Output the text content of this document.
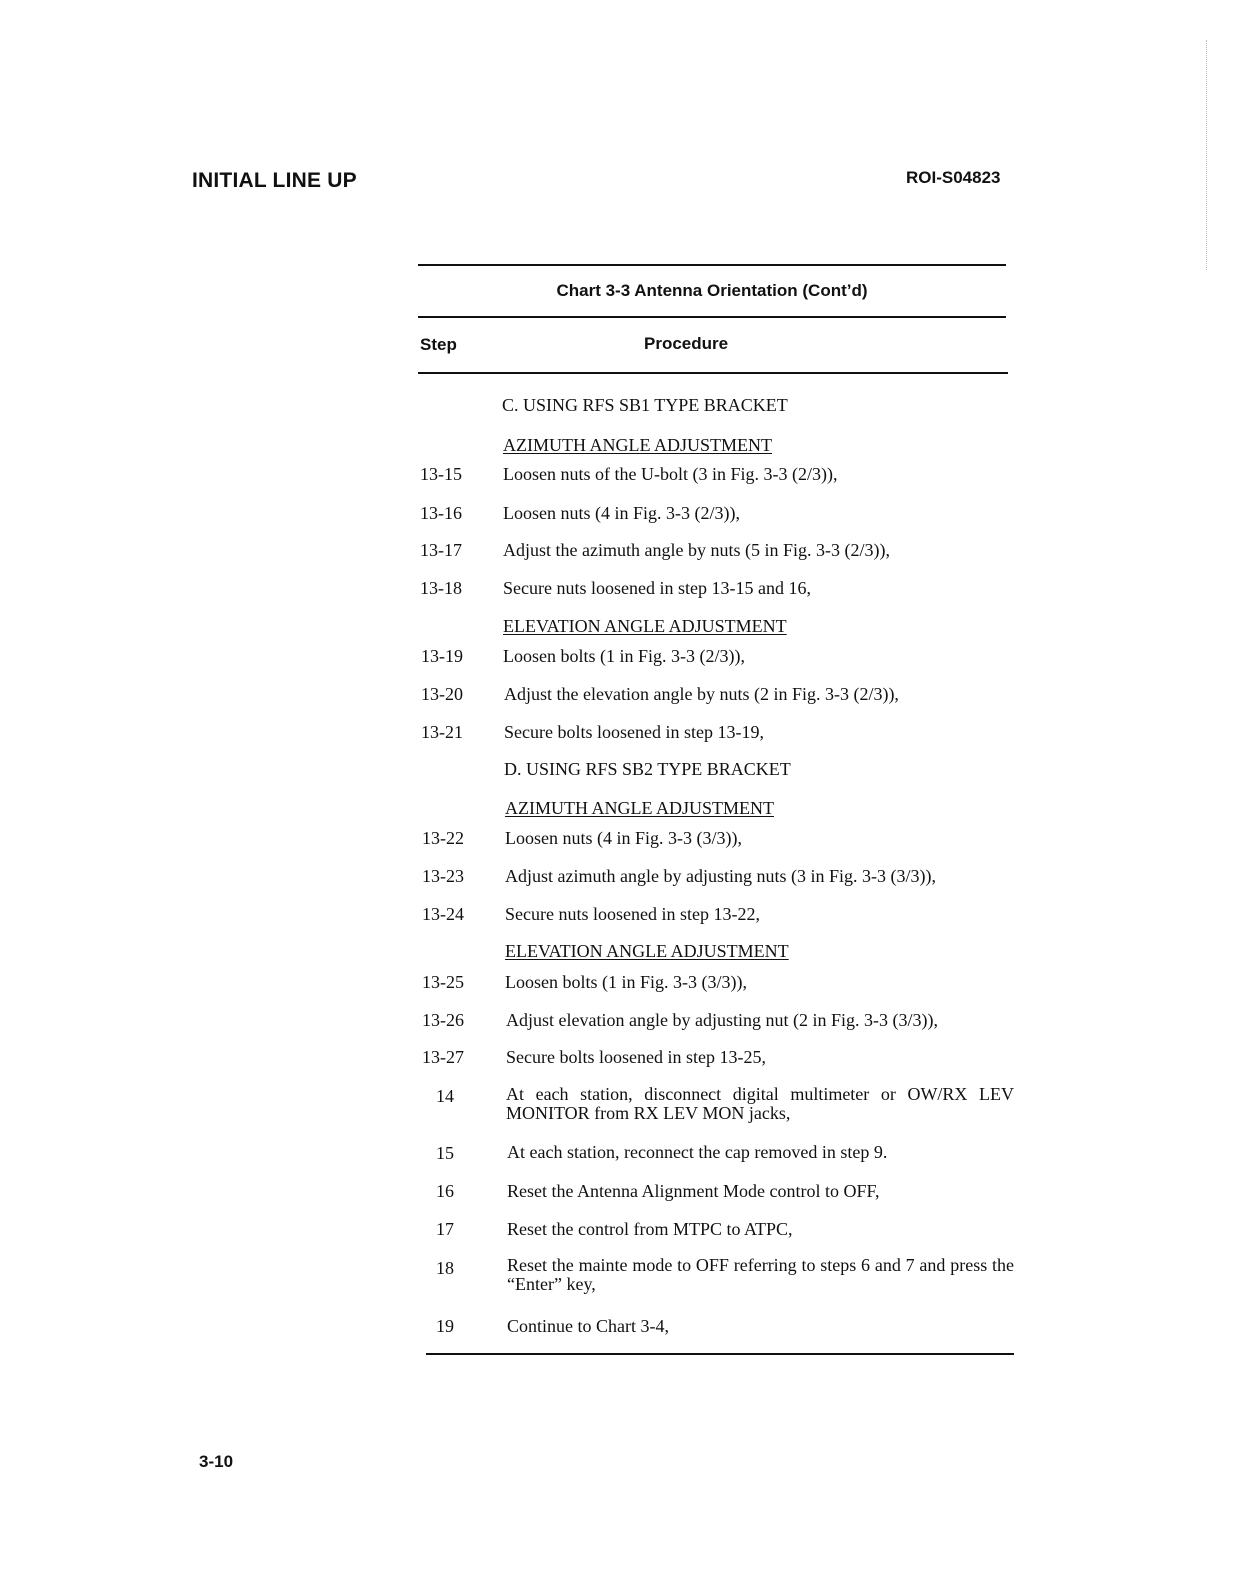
INITIAL LINE UP	ROI-S04823
Chart 3-3 Antenna Orientation (Cont’d)
Step	Procedure
C. USING RFS SB1 TYPE BRACKET
AZIMUTH ANGLE ADJUSTMENT
13-15 Loosen nuts of the U-bolt (3 in Fig. 3-3 (2/3)),
13-16 Loosen nuts (4 in Fig. 3-3 (2/3)),
13-17 Adjust the azimuth angle by nuts (5 in Fig. 3-3 (2/3)),
13-18 Secure nuts loosened in step 13-15 and 16,
ELEVATION ANGLE ADJUSTMENT
13-19 Loosen bolts (1 in Fig. 3-3 (2/3)),
13-20 Adjust the elevation angle by nuts (2 in Fig. 3-3 (2/3)),
13-21 Secure bolts loosened in step 13-19,
D. USING RFS SB2 TYPE BRACKET
AZIMUTH ANGLE ADJUSTMENT
13-22 Loosen nuts (4 in Fig. 3-3 (3/3)),
13-23 Adjust azimuth angle by adjusting nuts (3 in Fig. 3-3 (3/3)),
13-24 Secure nuts loosened in step 13-22,
ELEVATION ANGLE ADJUSTMENT
13-25 Loosen bolts (1 in Fig. 3-3 (3/3)),
13-26 Adjust elevation angle by adjusting nut (2 in Fig. 3-3 (3/3)),
13-27 Secure bolts loosened in step 13-25,
14	At each station, disconnect digital multimeter or OW/RX LEV MONITOR from RX LEV MON jacks,
15	At each station, reconnect the cap removed in step 9.
16	Reset the Antenna Alignment Mode control to OFF,
17	Reset the control from MTPC to ATPC,
18	Reset the mainte mode to OFF referring to steps 6 and 7 and press the “Enter” key,
19	Continue to Chart 3-4,
3-10
